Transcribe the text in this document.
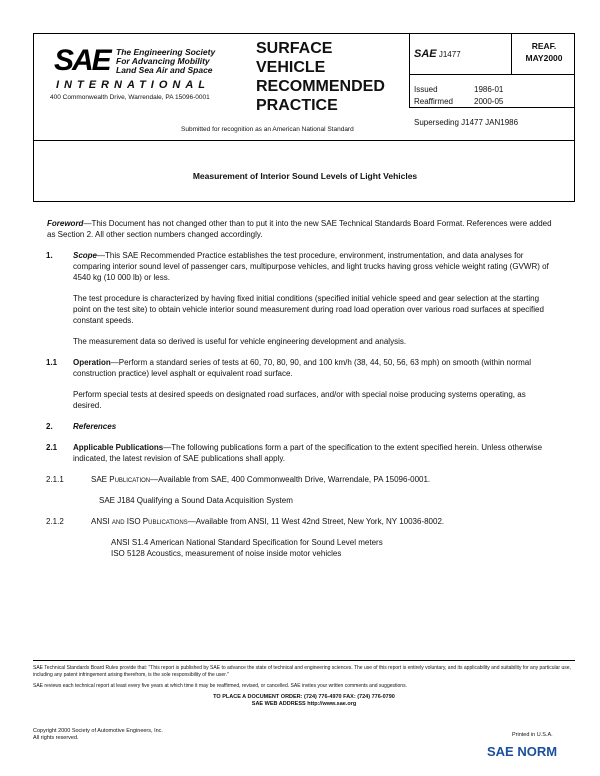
SAE The Engineering Society
For Advancing Mobility
Land Sea Air and Space
INTERNATIONAL
400 Commonwealth Drive, Warrendale, PA 15096-0001
SURFACE VEHICLE RECOMMENDED PRACTICE
Submitted for recognition as an American National Standard
SAE J1477
REAF.
MAY2000
Issued	1986-01
Reaffirmed	2000-05
Superseding J1477 JAN1986
Measurement of Interior Sound Levels of Light Vehicles

Foreword—This Document has not changed other than to put it into the new SAE Technical Standards Board Format. References were added as Section 2. All other section numbers changed accordingly.

1.	Scope—This SAE Recommended Practice establishes the test procedure, environment, instrumentation, and data analyses for comparing interior sound level of passenger cars, multipurpose vehicles, and light trucks having gross vehicle weight rating (GVWR) of 4540 kg (10 000 lb) or less.

The test procedure is characterized by having fixed initial conditions (specified initial vehicle speed and gear selection at the starting point on the test site) to obtain vehicle interior sound measurement during road load operation over various road surfaces at specified constant speeds.

The measurement data so derived is useful for vehicle engineering development and analysis.

1.1 Operation—Perform a standard series of tests at 60, 70, 80, 90, and 100 km/h (38, 44, 50, 56, 63 mph) on smooth (within normal construction practice) level asphalt or equivalent road surface.

Perform special tests at desired speeds on designated road surfaces, and/or with special noise producing systems operating, as desired.

2.	References

2.1 Applicable Publications—The following publications form a part of the specification to the extent specified herein. Unless otherwise indicated, the latest revision of SAE publications shall apply.

2.1.1	SAE Publication—Available from SAE, 400 Commonwealth Drive, Warrendale, PA 15096-0001.

SAE J184 Qualifying a Sound Data Acquisition System

2.1.2	ANSI and ISO Publications—Available from ANSI, 11 West 42nd Street, New York, NY 10036-8002.

ANSI S1.4 American National Standard Specification for Sound Level meters
ISO 5128 Acoustics, measurement of noise inside motor vehicles
SAE Technical Standards Board Rules provide that: "This report is published by SAE to advance the state of technical and engineering sciences. The use of this report is entirely voluntary, and its applicability and suitability for any particular use, including any patent infringement arising therefrom, is the sole responsibility of the user."
SAE reviews each technical report at least every five years at which time it may be reaffirmed, revised, or cancelled. SAE invites your written comments and suggestions.
TO PLACE A DOCUMENT ORDER: (724) 776-4970 FAX: (724) 776-0790
SAE WEB ADDRESS http://www.sae.org
Copyright 2000 Society of Automotive Engineers, Inc.
All rights reserved.	Printed in U.S.A.
SAE NORM
